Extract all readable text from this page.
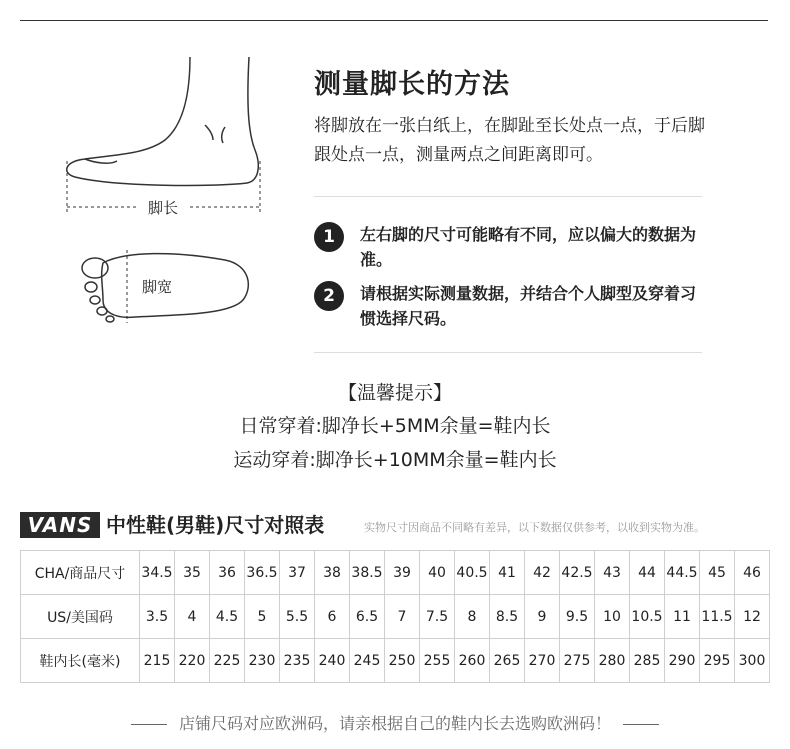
脚长
脚宽
测量脚长的方法
将脚放在一张白纸上，在脚趾至长处点一点，于后脚跟处点一点，测量两点之间距离即可。
1	左右脚的尺寸可能略有不同，应以偏大的数据为准。
2	请根据实际测量数据，并结合个人脚型及穿着习惯选择尺码。
【温馨提示】
日常穿着:脚净长+5MM余量=鞋内长
运动穿着:脚净长+10MM余量=鞋内长
VANS 中性鞋(男鞋)尺寸对照表	实物尺寸因商品不同略有差异，以下数据仅供参考，以收到实物为准。
CHA/商品尺寸	34.5	35	36	36.5	37	38	38.5	39	40	40.5	41	42	42.5	43	44	44.5	45	46
US/美国码	3.5	4	4.5	5	5.5	6	6.5	7	7.5	8	8.5	9	9.5	10	10.5	11	11.5	12
鞋内长(毫米)	215	220	225	230	235	240	245	250	255	260	265	270	275	280	285	290	295	300
店铺尺码对应欧洲码，请亲根据自己的鞋内长去选购欧洲码！
